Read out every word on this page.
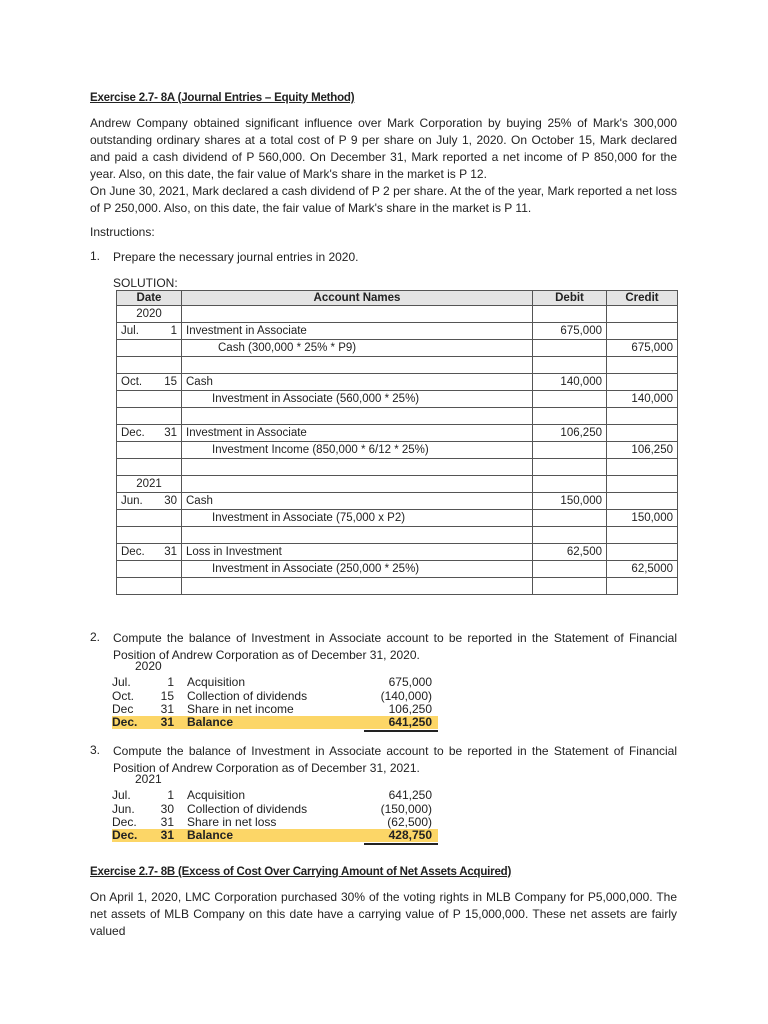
Exercise 2.7- 8A (Journal Entries – Equity Method)
Andrew Company obtained significant influence over Mark Corporation by buying 25% of Mark's 300,000 outstanding ordinary shares at a total cost of P 9 per share on July 1, 2020. On October 15, Mark declared and paid a cash dividend of P 560,000. On December 31, Mark reported a net income of P 850,000 for the year. Also, on this date, the fair value of Mark's share in the market is P 12.
On June 30, 2021, Mark declared a cash dividend of P 2 per share. At the of the year, Mark reported a net loss of P 250,000. Also, on this date, the fair value of Mark's share in the market is P 11.
Instructions:
1. Prepare the necessary journal entries in 2020.
SOLUTION:
Date	Account Names	Debit	Credit
2020			

Jul. 1	Investment in Associate	675,000	

	Cash (300,000 * 25% * P9)		675,000

Oct. 15	Cash	140,000	

	Investment in Associate (560,000 * 25%)		140,000

Dec. 31	Investment in Associate	106,250	

	Investment Income (850,000 * 6/12 * 25%)		106,250

2021			

Jun. 30	Cash	150,000	

	Investment in Associate (75,000 x P2)		150,000

Dec. 31	Loss in Investment	62,500	

	Investment in Associate (250,000 * 25%)		62,5000

2. Compute the balance of Investment in Associate account to be reported in the Statement of Financial Position of Andrew Corporation as of December 31, 2020.
2020
Jul.	1 Acquisition	675,000
Oct.	15 Collection of dividends	(140,000)
Dec	31 Share in net income	106,250
Dec.	31 Balance	641,250
3. Compute the balance of Investment in Associate account to be reported in the Statement of Financial Position of Andrew Corporation as of December 31, 2021.
2021
Jul.	1 Acquisition	641,250
Jun.	30 Collection of dividends	(150,000)
Dec.	31 Share in net loss	(62,500)
Dec.	31 Balance	428,750
Exercise 2.7- 8B (Excess of Cost Over Carrying Amount of Net Assets Acquired)
On April 1, 2020, LMC Corporation purchased 30% of the voting rights in MLB Company for P5,000,000. The net assets of MLB Company on this date have a carrying value of P 15,000,000. These net assets are fairly valued
